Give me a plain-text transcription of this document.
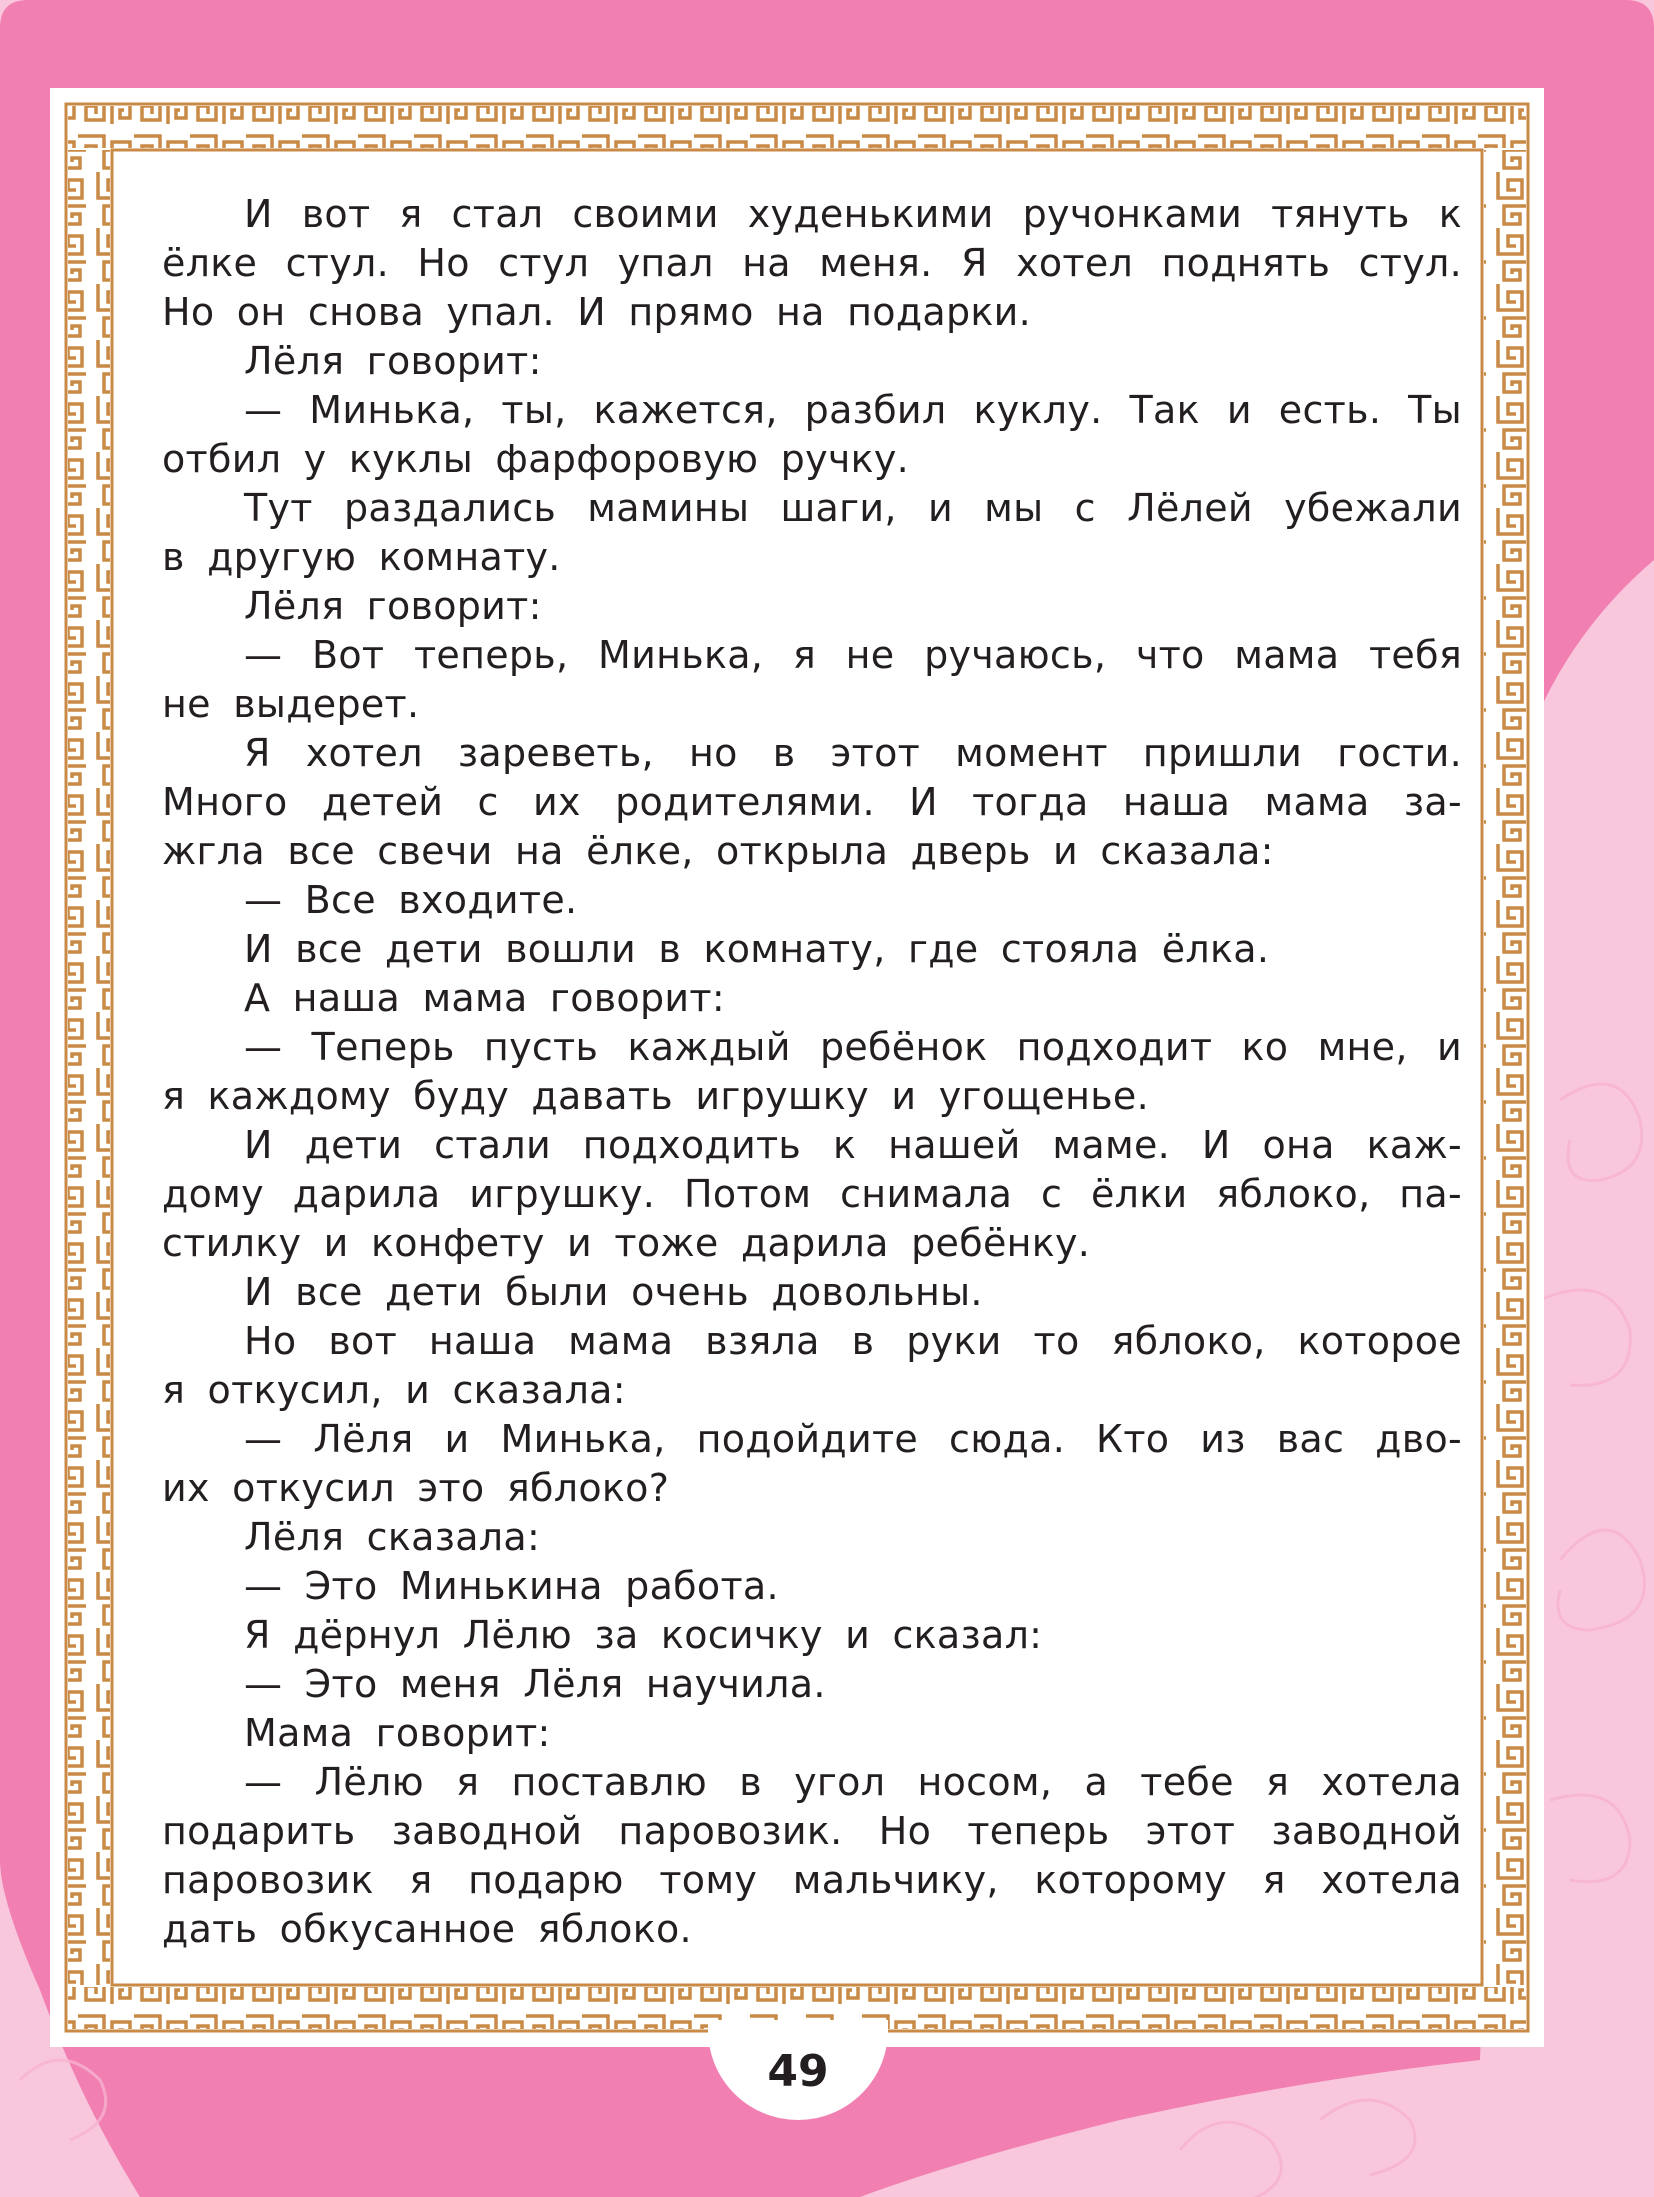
И вот я стал своими худенькими ручонками тянуть к
ёлке стул. Но стул упал на меня. Я хотел поднять стул.
Но он снова упал. И прямо на подарки.
Лёля говорит:
— Минька, ты, кажется, разбил куклу. Так и есть. Ты
отбил у куклы фарфоровую ручку.
Тут раздались мамины шаги, и мы с Лёлей убежали
в другую комнату.
Лёля говорит:
— Вот теперь, Минька, я не ручаюсь, что мама тебя
не выдерет.
Я хотел зареветь, но в этот момент пришли гости.
Много детей с их родителями. И тогда наша мама за-
жгла все свечи на ёлке, открыла дверь и сказала:
— Все входите.
И все дети вошли в комнату, где стояла ёлка.
А наша мама говорит:
— Теперь пусть каждый ребёнок подходит ко мне, и
я каждому буду давать игрушку и угощенье.
И дети стали подходить к нашей маме. И она каж-
дому дарила игрушку. Потом снимала с ёлки яблоко, па-
стилку и конфету и тоже дарила ребёнку.
И все дети были очень довольны.
Но вот наша мама взяла в руки то яблоко, которое
я откусил, и сказала:
— Лёля и Минька, подойдите сюда. Кто из вас дво-
их откусил это яблоко?
Лёля сказала:
— Это Минькина работа.
Я дёрнул Лёлю за косичку и сказал:
— Это меня Лёля научила.
Мама говорит:
— Лёлю я поставлю в угол носом, а тебе я хотела
подарить заводной паровозик. Но теперь этот заводной
паровозик я подарю тому мальчику, которому я хотела
дать обкусанное яблоко.
49
